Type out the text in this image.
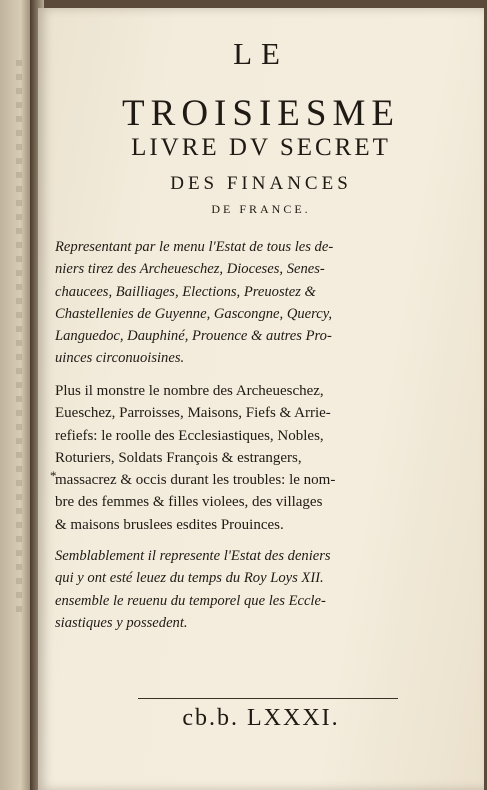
LE
TROISIESME
LIVRE DV SECRET
DES FINANCES
DE FRANCE.
Representant par le menu l'Estat de tous les de-
niers tirez des Archeueschez, Dioceses, Senes-
chaucees, Bailliages, Elections, Preuostez &
Chastellenies de Guyenne, Gascongne, Quercy,
Languedoc, Dauphiné, Prouence & autres Pro-
uinces circonuoisines.
Plus il monstre le nombre des Archeueschez,
Eueschez, Parroisses, Maisons, Fiefs & Arrie-
refiefs: le roolle des Ecclesiastiques, Nobles,
Roturiers, Soldats François & estrangers,
massacrez & occis durant les troubles: le nom-
bre des femmes & filles violees, des villages
& maisons bruslees esdites Prouinces.
*
Semblablement il represente l'Estat des deniers
qui y ont esté leuez du temps du Roy Loys XII.
ensemble le reuenu du temporel que les Eccle-
siastiques y possedent.
cb.b. LXXXI.
